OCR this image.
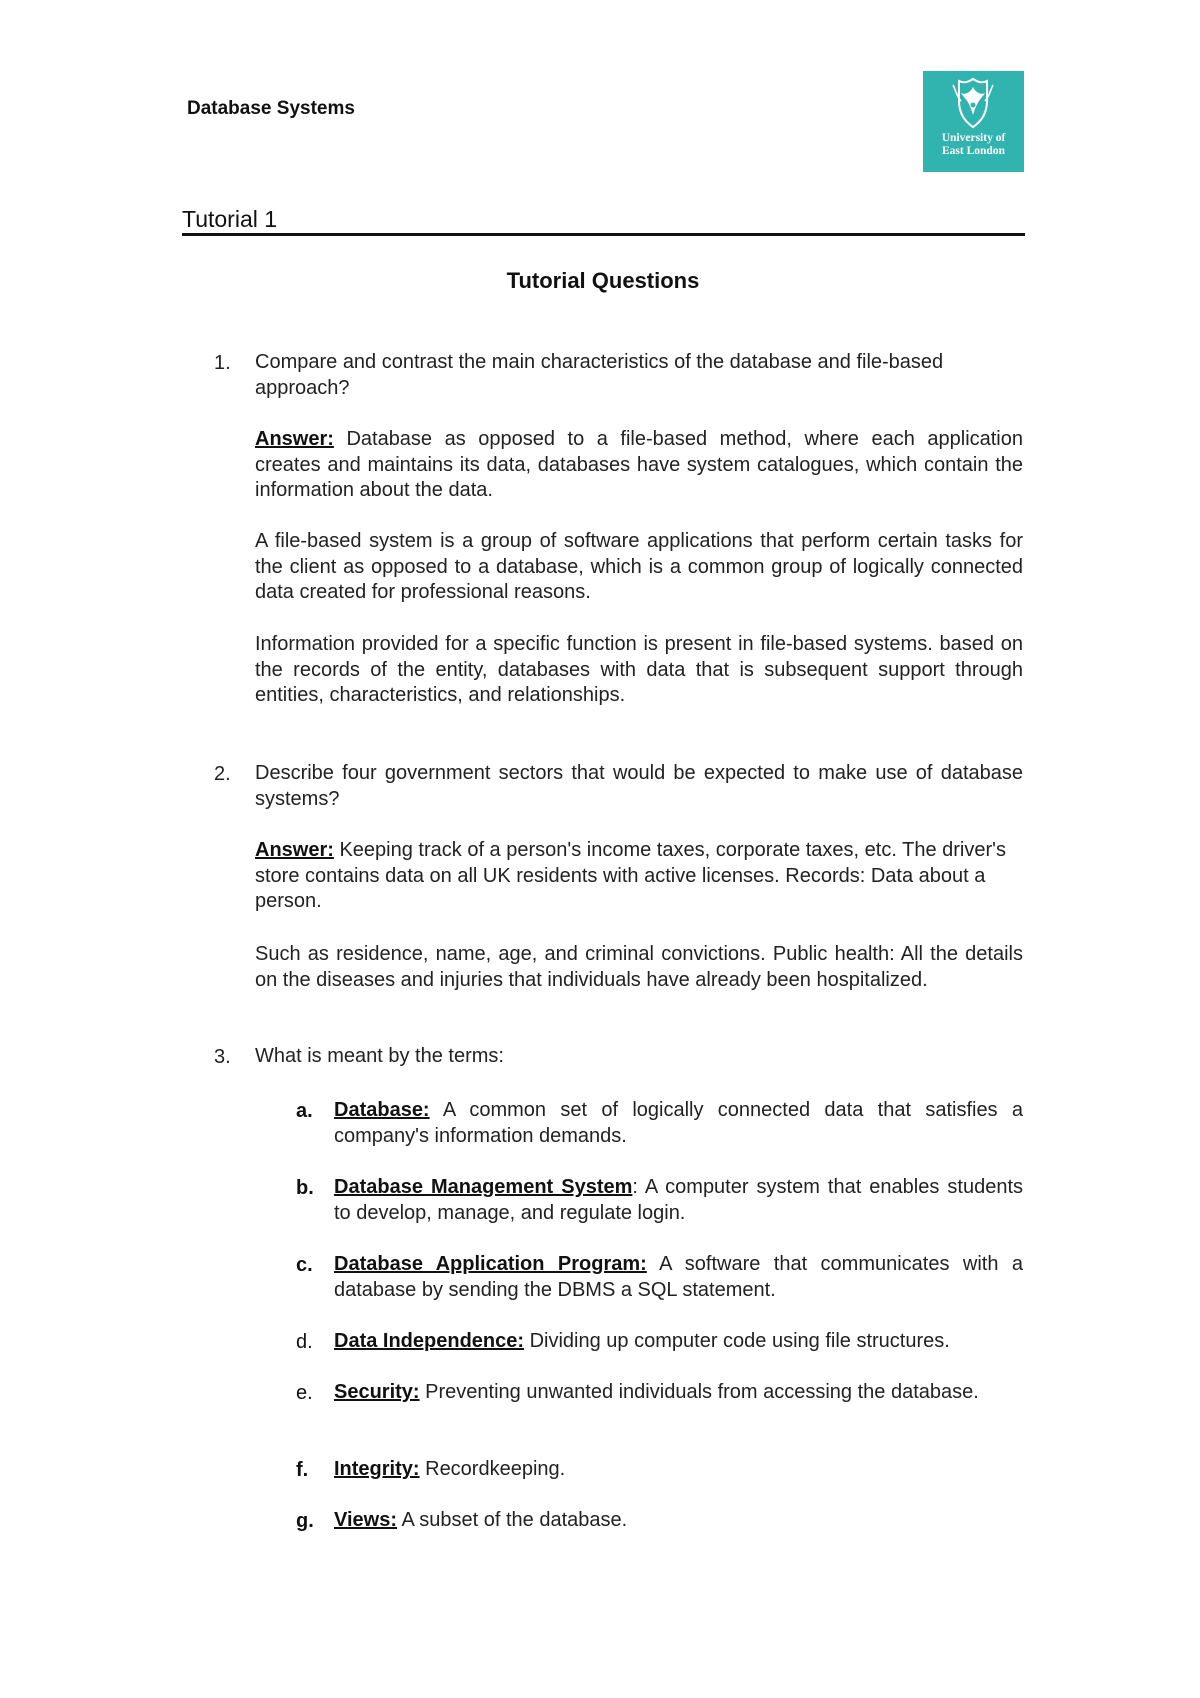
Database Systems
University of
East London
Tutorial 1
Tutorial Questions
1. Compare and contrast the main characteristics of the database and file-based approach?
Answer: Database as opposed to a file-based method, where each application creates and maintains its data, databases have system catalogues, which contain the information about the data.
A file-based system is a group of software applications that perform certain tasks for the client as opposed to a database, which is a common group of logically connected data created for professional reasons.
Information provided for a specific function is present in file-based systems. based on the records of the entity, databases with data that is subsequent support through entities, characteristics, and relationships.
2. Describe four government sectors that would be expected to make use of database systems?
Answer: Keeping track of a person's income taxes, corporate taxes, etc. The driver's store contains data on all UK residents with active licenses. Records: Data about a person.
Such as residence, name, age, and criminal convictions. Public health: All the details on the diseases and injuries that individuals have already been hospitalized.
3. What is meant by the terms:
a. Database: A common set of logically connected data that satisfies a company's information demands.
b. Database Management System: A computer system that enables students to develop, manage, and regulate login.
c. Database Application Program: A software that communicates with a database by sending the DBMS a SQL statement.
d. Data Independence: Dividing up computer code using file structures.
e. Security: Preventing unwanted individuals from accessing the database.
f. Integrity: Recordkeeping.
g. Views: A subset of the database.
